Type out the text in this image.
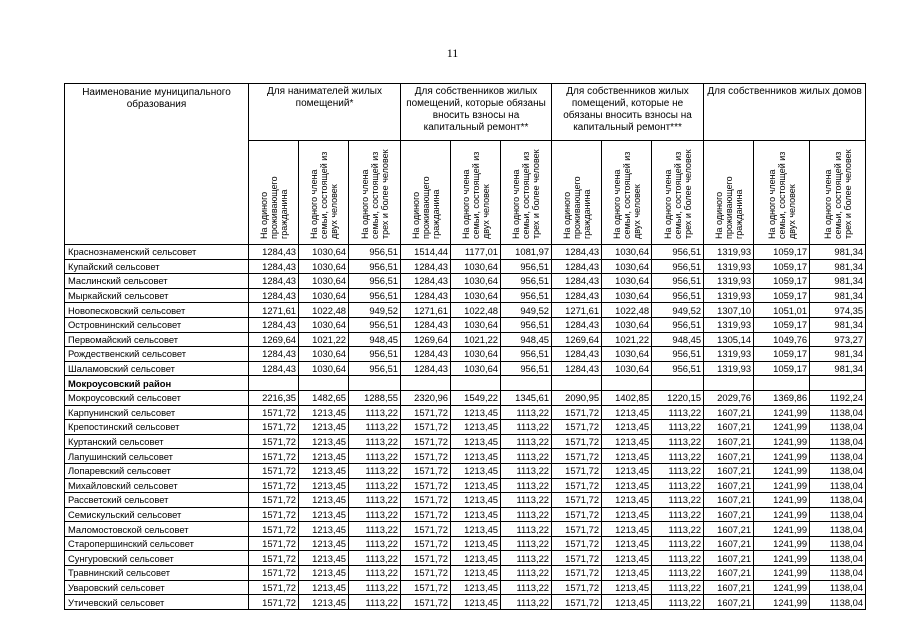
11
Наименование муниципального образования	Для нанимателей жилых помещений*			Для собственников жилых помещений, которые обязаны вносить взносы на капитальный ремонт**			Для собственников жилых помещений, которые не обязаны вносить взносы на капитальный ремонт***			Для собственников жилых домов		
	На одиного проживающего гражданина	На одного члена семьи, состоящей из двух человек	На одного члена семьи, состоящей из трех и более человек	На одиного проживающего гражданина	На одного члена семьи, состоящей из двух человек	На одного члена семьи, состоящей из трех и более человек	На одиного проживающего гражданина	На одного члена семьи, состоящей из двух человек	На одного члена семьи, состоящей из трех и более человек	На одиного проживающего гражданина	На одного члена семьи, состоящей из двух человек	На одного члена семьи, состоящей из трех и более человек
Краснознаменский сельсовет	1284,43	1030,64	956,51	1514,44	1177,01	1081,97	1284,43	1030,64	956,51	1319,93	1059,17	981,34
Купайский сельсовет	1284,43	1030,64	956,51	1284,43	1030,64	956,51	1284,43	1030,64	956,51	1319,93	1059,17	981,34
Маслинский сельсовет	1284,43	1030,64	956,51	1284,43	1030,64	956,51	1284,43	1030,64	956,51	1319,93	1059,17	981,34
Мыркайский сельсовет	1284,43	1030,64	956,51	1284,43	1030,64	956,51	1284,43	1030,64	956,51	1319,93	1059,17	981,34
Новопесковский сельсовет	1271,61	1022,48	949,52	1271,61	1022,48	949,52	1271,61	1022,48	949,52	1307,10	1051,01	974,35
Островнинский сельсовет	1284,43	1030,64	956,51	1284,43	1030,64	956,51	1284,43	1030,64	956,51	1319,93	1059,17	981,34
Первомайский сельсовет	1269,64	1021,22	948,45	1269,64	1021,22	948,45	1269,64	1021,22	948,45	1305,14	1049,76	973,27
Рождественский сельсовет	1284,43	1030,64	956,51	1284,43	1030,64	956,51	1284,43	1030,64	956,51	1319,93	1059,17	981,34
Шаламовский сельсовет	1284,43	1030,64	956,51	1284,43	1030,64	956,51	1284,43	1030,64	956,51	1319,93	1059,17	981,34
Мокроусовский район												
Мокроусовский сельсовет	2216,35	1482,65	1288,55	2320,96	1549,22	1345,61	2090,95	1402,85	1220,15	2029,76	1369,86	1192,24
Карпунинский сельсовет	1571,72	1213,45	1113,22	1571,72	1213,45	1113,22	1571,72	1213,45	1113,22	1607,21	1241,99	1138,04
Крепостинский сельсовет	1571,72	1213,45	1113,22	1571,72	1213,45	1113,22	1571,72	1213,45	1113,22	1607,21	1241,99	1138,04
Куртанский сельсовет	1571,72	1213,45	1113,22	1571,72	1213,45	1113,22	1571,72	1213,45	1113,22	1607,21	1241,99	1138,04
Лапушинский сельсовет	1571,72	1213,45	1113,22	1571,72	1213,45	1113,22	1571,72	1213,45	1113,22	1607,21	1241,99	1138,04
Лопаревский сельсовет	1571,72	1213,45	1113,22	1571,72	1213,45	1113,22	1571,72	1213,45	1113,22	1607,21	1241,99	1138,04
Михайловский сельсовет	1571,72	1213,45	1113,22	1571,72	1213,45	1113,22	1571,72	1213,45	1113,22	1607,21	1241,99	1138,04
Рассветский сельсовет	1571,72	1213,45	1113,22	1571,72	1213,45	1113,22	1571,72	1213,45	1113,22	1607,21	1241,99	1138,04
Семискульский сельсовет	1571,72	1213,45	1113,22	1571,72	1213,45	1113,22	1571,72	1213,45	1113,22	1607,21	1241,99	1138,04
Маломостовской сельсовет	1571,72	1213,45	1113,22	1571,72	1213,45	1113,22	1571,72	1213,45	1113,22	1607,21	1241,99	1138,04
Старопершинский сельсовет	1571,72	1213,45	1113,22	1571,72	1213,45	1113,22	1571,72	1213,45	1113,22	1607,21	1241,99	1138,04
Сунгуровский сельсовет	1571,72	1213,45	1113,22	1571,72	1213,45	1113,22	1571,72	1213,45	1113,22	1607,21	1241,99	1138,04
Травнинский сельсовет	1571,72	1213,45	1113,22	1571,72	1213,45	1113,22	1571,72	1213,45	1113,22	1607,21	1241,99	1138,04
Уваровский сельсовет	1571,72	1213,45	1113,22	1571,72	1213,45	1113,22	1571,72	1213,45	1113,22	1607,21	1241,99	1138,04
Утичевский сельсовет	1571,72	1213,45	1113,22	1571,72	1213,45	1113,22	1571,72	1213,45	1113,22	1607,21	1241,99	1138,04
